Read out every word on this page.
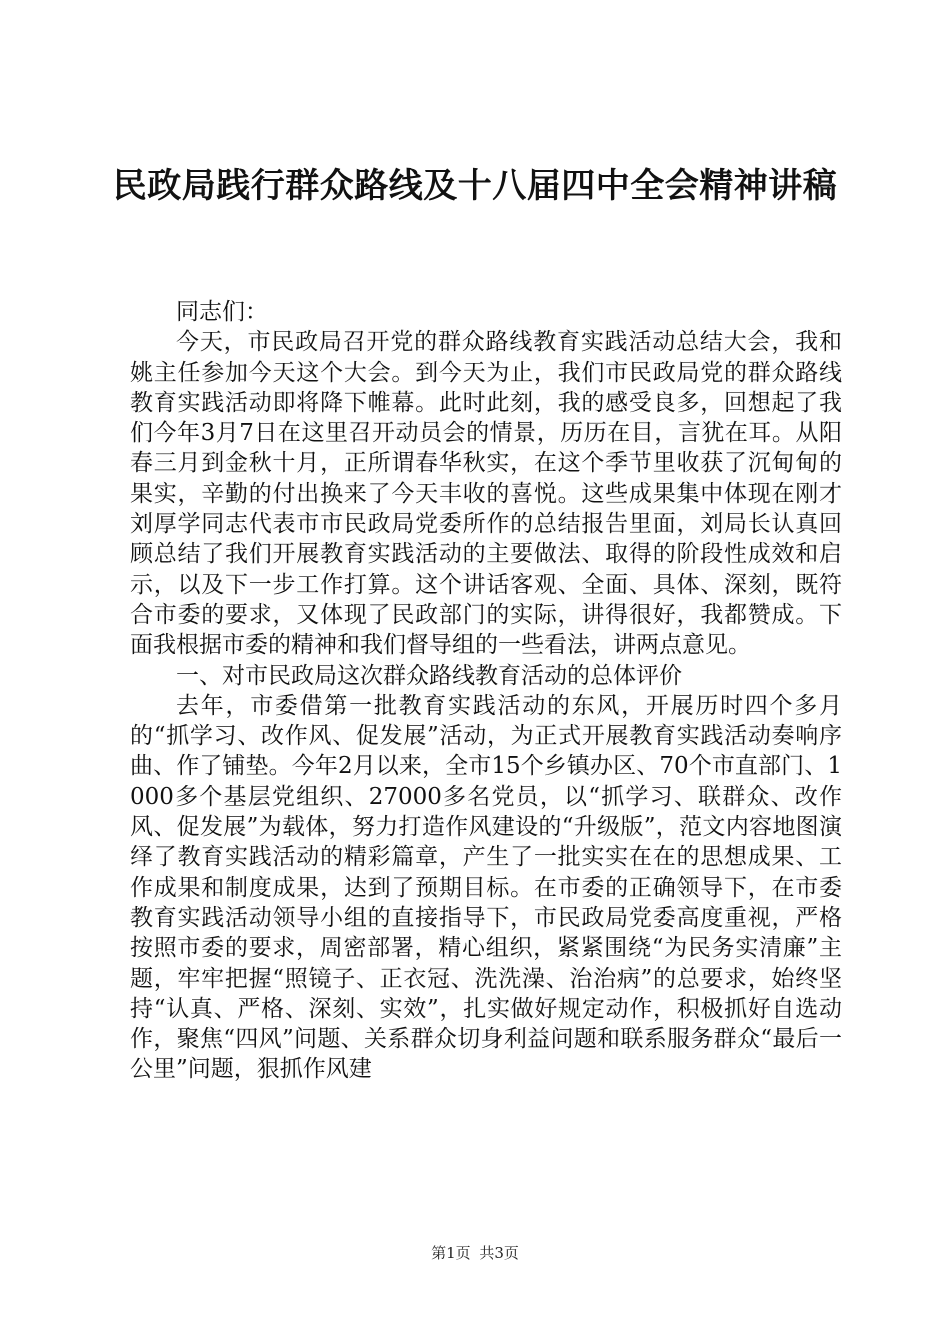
民政局践行群众路线及十八届四中全会精神讲稿

同志们：

今天，市民政局召开党的群众路线教育实践活动总结大会，我和姚主任参加今天这个大会。到今天为止，我们市民政局党的群众路线教育实践活动即将降下帷幕。此时此刻，我的感受良多，回想起了我们今年3月7日在这里召开动员会的情景，历历在目，言犹在耳。从阳春三月到金秋十月，正所谓春华秋实，在这个季节里收获了沉甸甸的果实，辛勤的付出换来了今天丰收的喜悦。这些成果集中体现在刚才刘厚学同志代表市市民政局党委所作的总结报告里面，刘局长认真回顾总结了我们开展教育实践活动的主要做法、取得的阶段性成效和启示，以及下一步工作打算。这个讲话客观、全面、具体、深刻，既符合市委的要求，又体现了民政部门的实际，讲得很好，我都赞成。下面我根据市委的精神和我们督导组的一些看法，讲两点意见。

一、对市民政局这次群众路线教育活动的总体评价

去年，市委借第一批教育实践活动的东风，开展历时四个多月的“抓学习、改作风、促发展”活动，为正式开展教育实践活动奏响序曲、作了铺垫。今年2月以来，全市15个乡镇办区、70个市直部门、1000多个基层党组织、27000多名党员，以“抓学习、联群众、改作风、促发展”为载体，努力打造作风建设的“升级版”，范文内容地图演绎了教育实践活动的精彩篇章，产生了一批实实在在的思想成果、工作成果和制度成果，达到了预期目标。在市委的正确领导下，在市委教育实践活动领导小组的直接指导下，市民政局党委高度重视，严格按照市委的要求，周密部署，精心组织，紧紧围绕“为民务实清廉”主题，牢牢把握“照镜子、正衣冠、洗洗澡、治治病”的总要求，始终坚持“认真、严格、深刻、实效”，扎实做好规定动作，积极抓好自选动作，聚焦“四风”问题、关系群众切身利益问题和联系服务群众“最后一公里”问题，狠抓作风建

第1页 共3页
